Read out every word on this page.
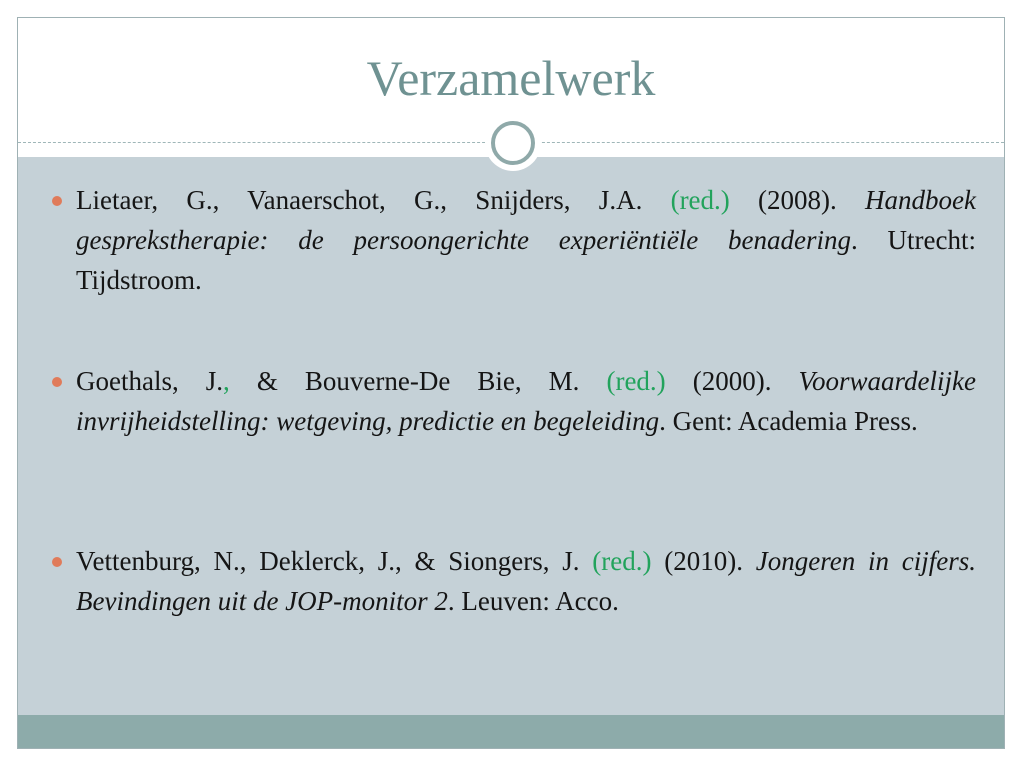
Verzamelwerk
Lietaer, G., Vanaerschot, G., Snijders, J.A. (red.) (2008). Handboek gesprekstherapie: de persoongerichte experiëntiële benadering. Utrecht: Tijdstroom.
Goethals, J., & Bouverne-De Bie, M. (red.) (2000). Voorwaardelijke invrijheidstelling: wetgeving, predictie en begeleiding. Gent: Academia Press.
Vettenburg, N., Deklerck, J., & Siongers, J. (red.) (2010). Jongeren in cijfers. Bevindingen uit de JOP-monitor 2. Leuven: Acco.
